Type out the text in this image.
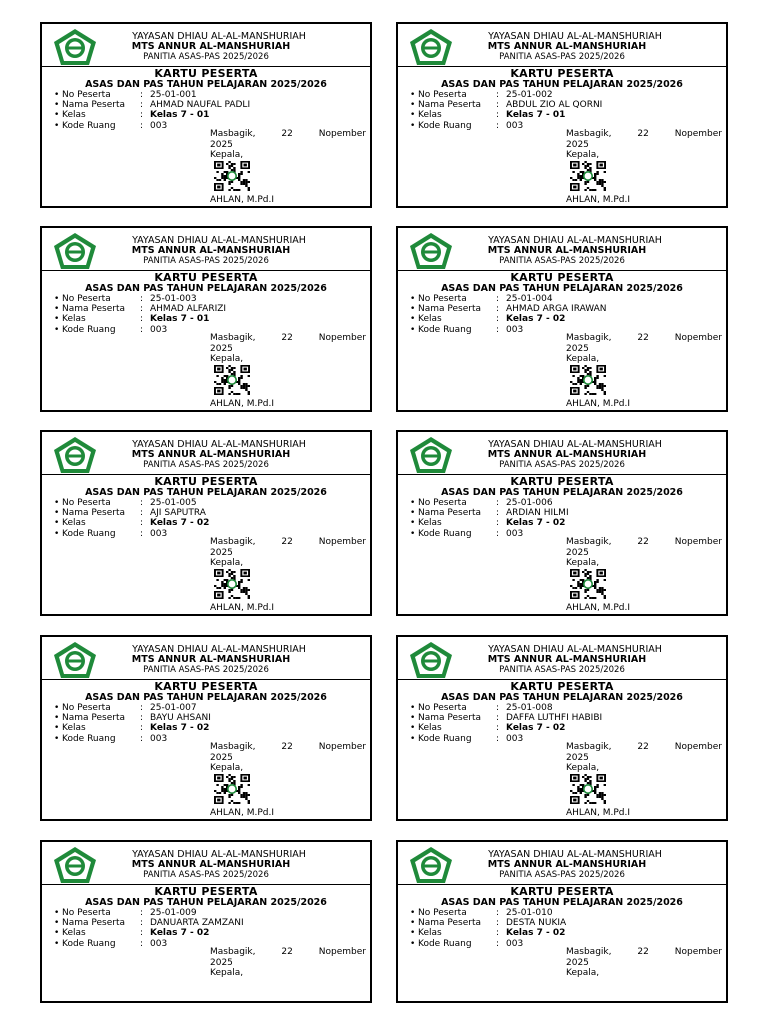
YAYASAN DHIAU AL-AL-MANSHURIAH
MTS ANNUR AL-MANSHURIAH
PANITIA ASAS-PAS 2025/2026
KARTU PESERTA
ASAS DAN PAS TAHUN PELAJARAN 2025/2026
• No Peserta	: 25-01-001
• Nama Peserta	: AHMAD NAUFAL PADLI
• Kelas	: Kelas 7 - 01
• Kode Ruang	: 003
Masbagik,	22	Nopember
2025
Kepala,
AHLAN, M.Pd.I
YAYASAN DHIAU AL-AL-MANSHURIAH
MTS ANNUR AL-MANSHURIAH
PANITIA ASAS-PAS 2025/2026
KARTU PESERTA
ASAS DAN PAS TAHUN PELAJARAN 2025/2026
• No Peserta	: 25-01-002
• Nama Peserta	: ABDUL ZIO AL QORNI
• Kelas	: Kelas 7 - 01
• Kode Ruang	: 003
Masbagik,	22	Nopember
2025
Kepala,
AHLAN, M.Pd.I
YAYASAN DHIAU AL-AL-MANSHURIAH
MTS ANNUR AL-MANSHURIAH
PANITIA ASAS-PAS 2025/2026
KARTU PESERTA
ASAS DAN PAS TAHUN PELAJARAN 2025/2026
• No Peserta	: 25-01-003
• Nama Peserta	: AHMAD ALFARIZI
• Kelas	: Kelas 7 - 01
• Kode Ruang	: 003
Masbagik,	22	Nopember
2025
Kepala,
AHLAN, M.Pd.I
YAYASAN DHIAU AL-AL-MANSHURIAH
MTS ANNUR AL-MANSHURIAH
PANITIA ASAS-PAS 2025/2026
KARTU PESERTA
ASAS DAN PAS TAHUN PELAJARAN 2025/2026
• No Peserta	: 25-01-004
• Nama Peserta	: AHMAD ARGA IRAWAN
• Kelas	: Kelas 7 - 02
• Kode Ruang	: 003
Masbagik,	22	Nopember
2025
Kepala,
AHLAN, M.Pd.I
YAYASAN DHIAU AL-AL-MANSHURIAH
MTS ANNUR AL-MANSHURIAH
PANITIA ASAS-PAS 2025/2026
KARTU PESERTA
ASAS DAN PAS TAHUN PELAJARAN 2025/2026
• No Peserta	: 25-01-005
• Nama Peserta	: AJI SAPUTRA
• Kelas	: Kelas 7 - 02
• Kode Ruang	: 003
Masbagik,	22	Nopember
2025
Kepala,
AHLAN, M.Pd.I
YAYASAN DHIAU AL-AL-MANSHURIAH
MTS ANNUR AL-MANSHURIAH
PANITIA ASAS-PAS 2025/2026
KARTU PESERTA
ASAS DAN PAS TAHUN PELAJARAN 2025/2026
• No Peserta	: 25-01-006
• Nama Peserta	: ARDIAN HILMI
• Kelas	: Kelas 7 - 02
• Kode Ruang	: 003
Masbagik,	22	Nopember
2025
Kepala,
AHLAN, M.Pd.I
YAYASAN DHIAU AL-AL-MANSHURIAH
MTS ANNUR AL-MANSHURIAH
PANITIA ASAS-PAS 2025/2026
KARTU PESERTA
ASAS DAN PAS TAHUN PELAJARAN 2025/2026
• No Peserta	: 25-01-007
• Nama Peserta	: BAYU AHSANI
• Kelas	: Kelas 7 - 02
• Kode Ruang	: 003
Masbagik,	22	Nopember
2025
Kepala,
AHLAN, M.Pd.I
YAYASAN DHIAU AL-AL-MANSHURIAH
MTS ANNUR AL-MANSHURIAH
PANITIA ASAS-PAS 2025/2026
KARTU PESERTA
ASAS DAN PAS TAHUN PELAJARAN 2025/2026
• No Peserta	: 25-01-008
• Nama Peserta	: DAFFA LUTHFI HABIBI
• Kelas	: Kelas 7 - 02
• Kode Ruang	: 003
Masbagik,	22	Nopember
2025
Kepala,
AHLAN, M.Pd.I
YAYASAN DHIAU AL-AL-MANSHURIAH
MTS ANNUR AL-MANSHURIAH
PANITIA ASAS-PAS 2025/2026
KARTU PESERTA
ASAS DAN PAS TAHUN PELAJARAN 2025/2026
• No Peserta	: 25-01-009
• Nama Peserta	: DANUARTA ZAMZANI
• Kelas	: Kelas 7 - 02
• Kode Ruang	: 003
Masbagik,	22	Nopember
2025
Kepala,
YAYASAN DHIAU AL-AL-MANSHURIAH
MTS ANNUR AL-MANSHURIAH
PANITIA ASAS-PAS 2025/2026
KARTU PESERTA
ASAS DAN PAS TAHUN PELAJARAN 2025/2026
• No Peserta	: 25-01-010
• Nama Peserta	: DESTA NUKIA
• Kelas	: Kelas 7 - 02
• Kode Ruang	: 003
Masbagik,	22	Nopember
2025
Kepala,
